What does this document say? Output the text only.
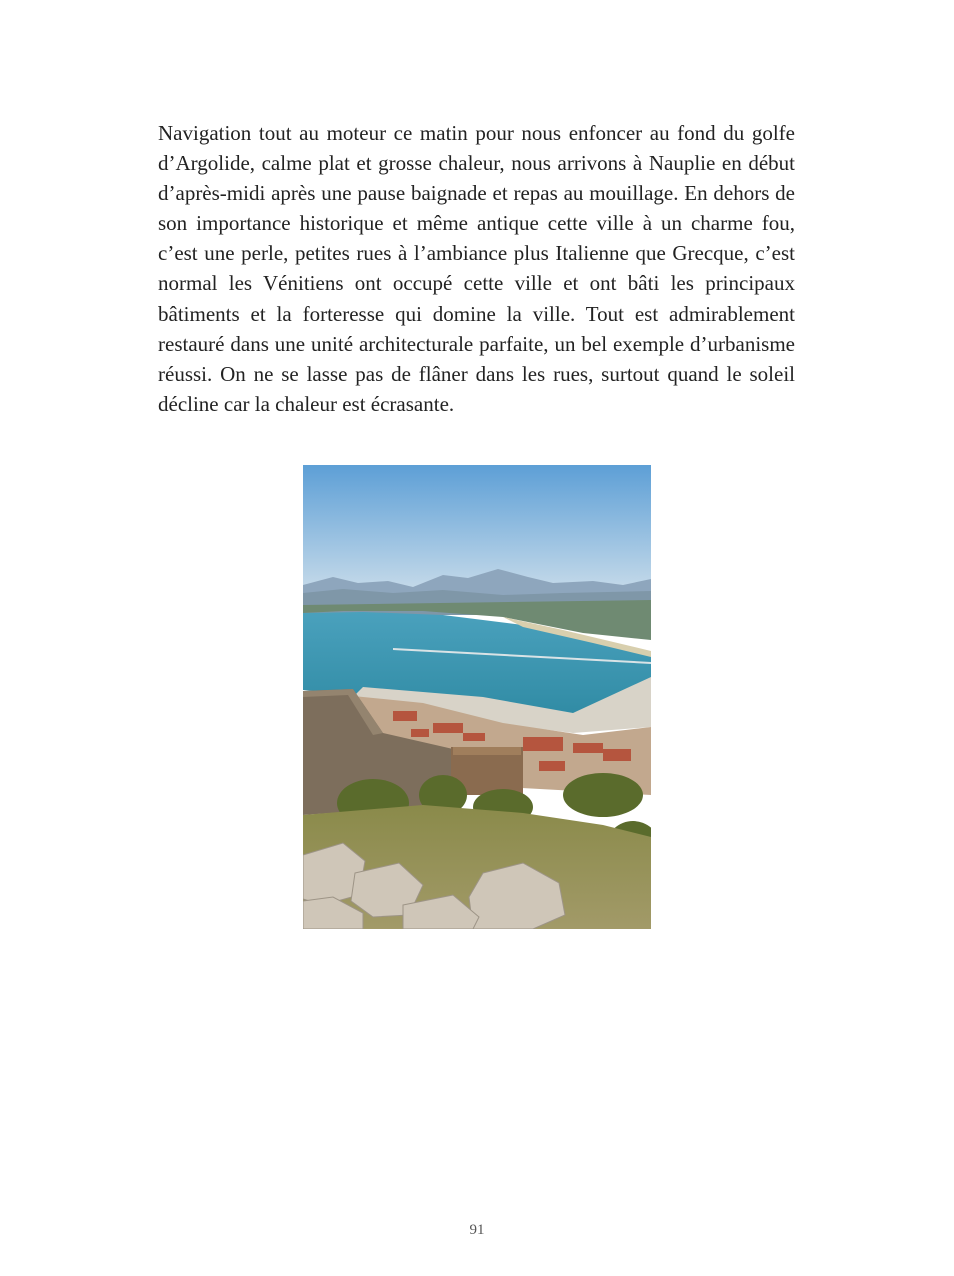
Navigation tout au moteur ce matin pour nous enfoncer au fond du golfe d’Argolide, calme plat et grosse chaleur, nous arrivons à Nauplie en début d’après-midi après une pause baignade et repas au mouillage. En dehors de son importance historique et même antique cette ville à un charme fou, c’est une perle, petites rues à l’ambiance plus Italienne que Grecque, c’est normal les Vénitiens ont occupé cette ville et ont bâti les principaux bâtiments et la forteresse qui domine la ville. Tout est admirablement restauré dans une unité architecturale parfaite, un bel exemple d’urbanisme réussi. On ne se lasse pas de flâner dans les rues, surtout quand le soleil décline car la chaleur est écrasante.

91
